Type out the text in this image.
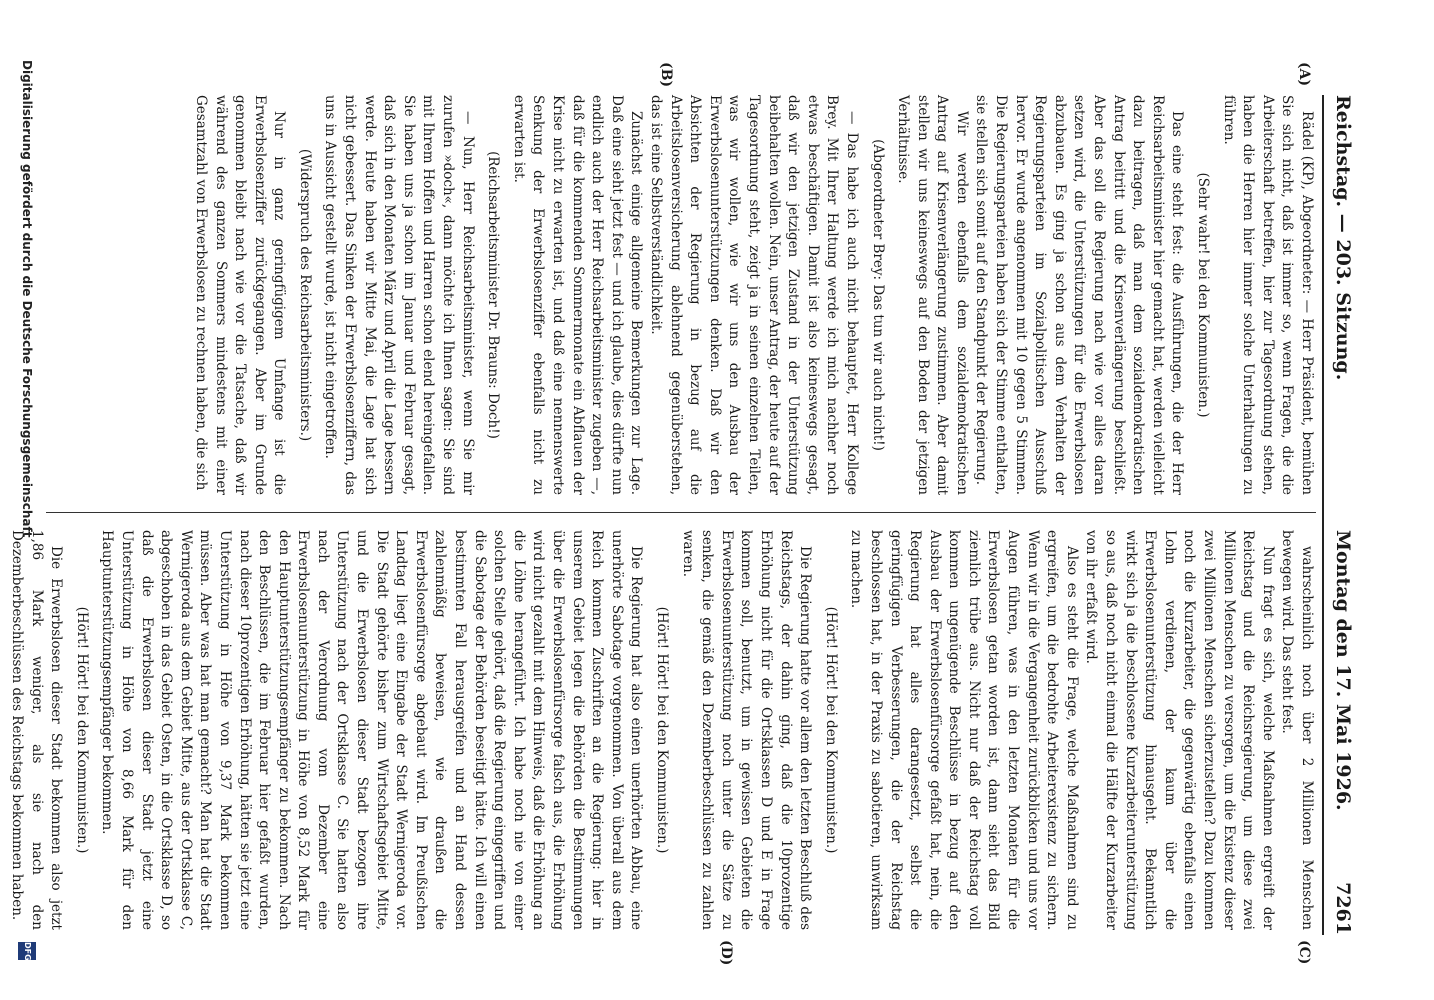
Reichstag. — 203. Sitzung.
Montag den 17. Mai 1926.
7261
(A)
(B)
(C)
(D)

Rädel (KP), Abgeordneter: — Herr Präsident, bemühen Sie sich nicht, daß ist immer so, wenn Fragen, die die Arbeiterschaft betreffen, hier zur Tagesordnung stehen, haben die Herren hier immer solche Unterhaltungen zu führen.

(Sehr wahr! bei den Kommunisten.)

Das eine steht fest: die Ausführungen, die der Herr Reichsarbeitsminister hier gemacht hat, werden vielleicht dazu beitragen, daß man dem sozialdemokratischen Antrag beitritt und die Krisenverlängerung beschließt. Aber das soll die Regierung nach wie vor alles daran setzen wird, die Unterstützungen für die Erwerbslosen abzubauen. Es ging ja schon aus dem Verhalten der Regierungsparteien im Sozialpolitischen Ausschuß hervor. Er wurde angenommen mit 10 gegen 5 Stimmen. Die Regierungsparteien haben sich der Stimme enthalten, sie stellen sich somit auf den Standpunkt der Regierung.

Wir werden ebenfalls dem sozialdemokratischen Antrag auf Krisenverlängerung zustimmen. Aber damit stellen wir uns keineswegs auf den Boden der jetzigen Verhältnisse.

(Abgeordneter Brey: Das tun wir auch nicht!)

— Das habe ich auch nicht behauptet, Herr Kollege Brey. Mit Ihrer Haltung werde ich mich nachher noch etwas beschäftigen. Damit ist also keineswegs gesagt, daß wir den jetzigen Zustand in der Unterstützung beibehalten wollen. Nein, unser Antrag, der heute auf der Tagesordnung steht, zeigt ja in seinen einzelnen Teilen, was wir wollen, wie wir uns den Ausbau der Erwerbslosenunterstützungen denken. Daß wir den Absichten der Regierung in bezug auf die Arbeitslosenversicherung ablehnend gegenüberstehen, das ist eine Selbstverständlichkeit.

Zunächst einige allgemeine Bemerkungen zur Lage. Daß eine sieht jetzt fest — und ich glaube, dies dürfte nun endlich auch der Herr Reichsarbeitsminister zugeben —, daß für die kommenden Sommermonate ein Abflauen der Krise nicht zu erwarten ist, und daß eine nennenswerte Senkung der Erwerbslosenziffer ebenfalls nicht zu erwarten ist.

(Reichsarbeitsminister Dr. Brauns: Doch!)

— Nun, Herr Reichsarbeitsminister, wenn Sie mir zurufen »doch«, dann möchte ich Ihnen sagen: Sie sind mit Ihrem Hoffen und Harren schon elend hereingefallen. Sie haben uns ja schon im Januar und Februar gesagt, daß sich in den Monaten März und April die Lage bessern werde. Heute haben wir Mitte Mai, die Lage hat sich nicht gebessert. Das Sinken der Erwerbslosenziffern, das uns in Aussicht gestellt wurde, ist nicht eingetroffen.

(Widerspruch des Reichsarbeitsministers.)

Nur in ganz geringfügigem Umfange ist die Erwerbslosenziffer zurückgegangen. Aber im Grunde genommen bleibt nach wie vor die Tatsache, daß wir während des ganzen Sommers mindestens mit einer Gesamtzahl von Erwerbslosen zu rechnen haben, die sich

wahrscheinlich noch über 2 Millionen Menschen bewegen wird. Das steht fest.

Nun fragt es sich, welche Maßnahmen ergreift der Reichstag und die Reichsregierung, um diese zwei Millionen Menschen zu versorgen, um die Existenz dieser zwei Millionen Menschen sicherzustellen? Dazu kommen noch die Kurzarbeiter, die gegenwärtig ebenfalls einen Lohn verdienen, der kaum über die Erwerbslosenunterstützung hinausgeht. Bekanntlich wirkt sich ja die beschlossene Kurzarbeiterunterstützung so aus, daß noch nicht einmal die Hälfte der Kurzarbeiter von ihr erfaßt wird.

Also es steht die Frage, welche Maßnahmen sind zu ergreifen, um die bedrohte Arbeiterexistenz zu sichern. Wenn wir in die Vergangenheit zurückblicken und uns vor Augen führen, was in den letzten Monaten für die Erwerbslosen getan worden ist, dann sieht das Bild ziemlich trübe aus. Nicht nur daß der Reichstag voll kommen ungenügende Beschlüsse in bezug auf den Ausbau der Erwerbslosenfürsorge gefaßt hat, nein, die Regierung hat alles darangesetzt, selbst die geringfügigen Verbesserungen, die der Reichstag beschlossen hat, in der Praxis zu sabotieren, unwirksam zu machen.

(Hört! Hört! bei den Kommunisten.)

Die Regierung hatte vor allem den letzten Beschluß des Reichstags, der dahin ging, daß die 10prozentige Erhöhung nicht für die Ortsklassen D und E in Frage kommen soll, benutzt, um in gewissen Gebieten die Erwerbslosenunterstützung noch unter die Sätze zu senken, die gemäß den Dezemberbeschlüssen zu zahlen waren.

(Hört! Hört! bei den Kommunisten.)

Die Regierung hat also einen unerhörten Abbau, eine unerhörte Sabotage vorgenommen. Von überall aus dem Reich kommen Zuschriften an die Regierung: hier in unserem Gebiet legen die Behörden die Bestimmungen über die Erwerbslosenfürsorge falsch aus, die Erhöhung wird nicht gezahlt mit dem Hinweis, daß die Erhöhung an die Löhne herangeführt. Ich habe noch nie von einer solchen Stelle gehört, daß die Regierung eingegriffen und die Sabotage der Behörden beseitigt hätte. Ich will einen bestimmten Fall herausgreifen und an Hand dessen zahlenmäßig beweisen, wie draußen die Erwerbslosenfürsorge abgebaut wird. Im Preußischen Landtag liegt eine Eingabe der Stadt Wernigeroda vor. Die Stadt gehörte bisher zum Wirtschaftsgebiet Mitte, und die Erwerbslosen dieser Stadt bezogen ihre Unterstützung nach der Ortsklasse C. Sie hatten also nach der Verordnung vom Dezember eine Erwerbslosenunterstützung in Höhe von 8,52 Mark für den Hauptunterstützungsempfänger zu bekommen. Nach den Beschlüssen, die im Februar hier gefaßt wurden, nach dieser 10prozentigen Erhöhung, hätten sie jetzt eine Unterstützung in Höhe von 9,37 Mark bekommen müssen. Aber was hat man gemacht? Man hat die Stadt Wernigeroda aus dem Gebiet Mitte, aus der Ortsklasse C, abgeschoben in das Gebiet Osten, in die Ortsklasse D, so daß die Erwerbslosen dieser Stadt jetzt eine Unterstützung in Höhe von 8,66 Mark für den Hauptunterstützungsempfänger bekommen.

(Hört! Hört! bei den Kommunisten.)

Die Erwerbslosen dieser Stadt bekommen also jetzt 1,86 Mark weniger, als sie nach den Dezemberbeschlüssen des Reichstags bekommen haben.

Digitalisierung gefördert durch die Deutsche Forschungsgemeinschaft
DFG
